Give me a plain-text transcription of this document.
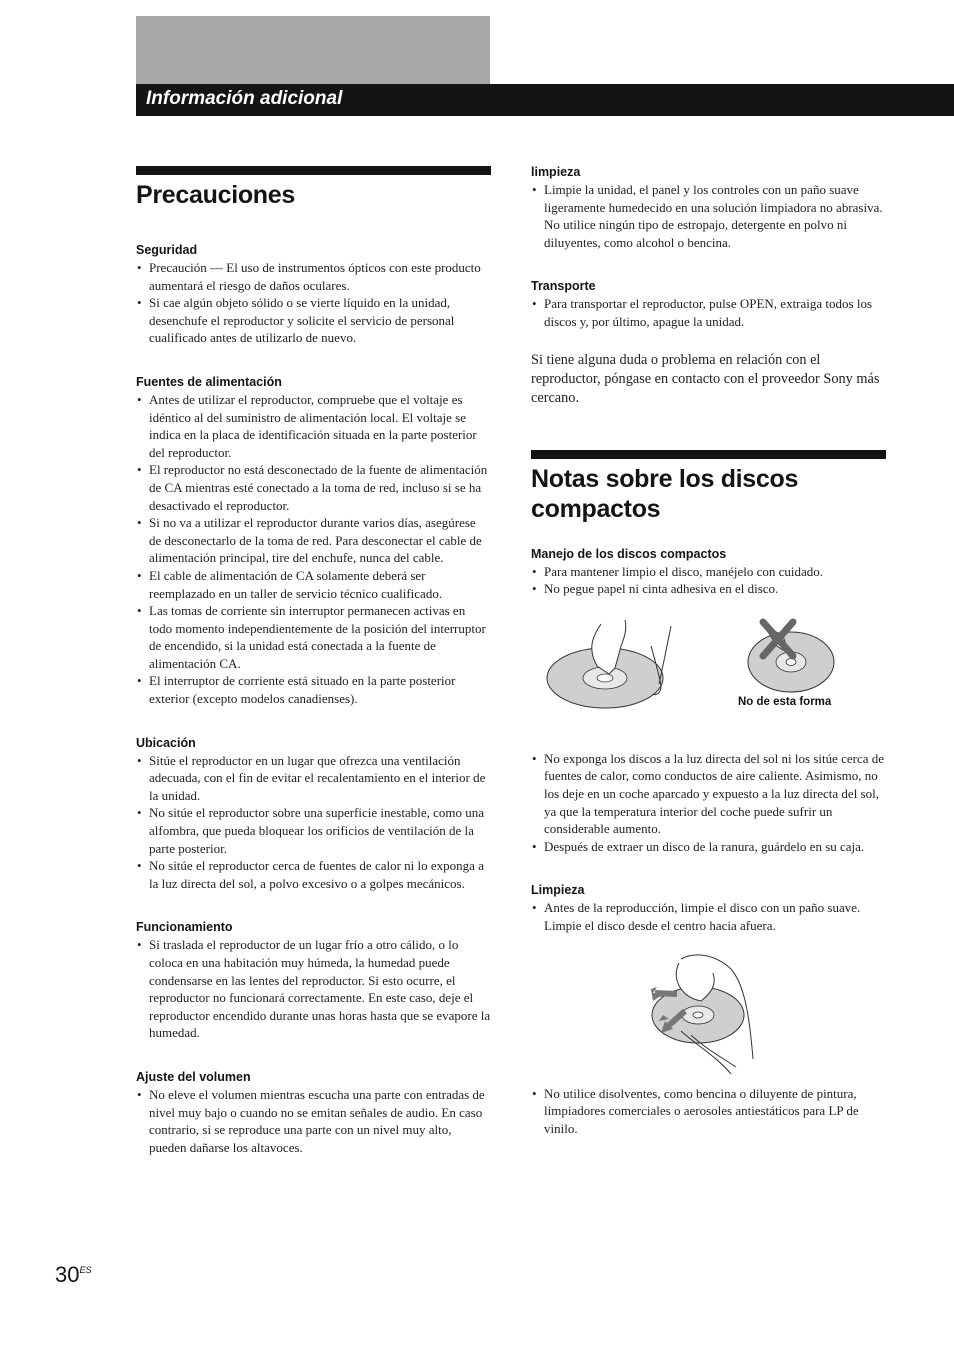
Información adicional
Precauciones
Seguridad
• Precaución — El uso de instrumentos ópticos con este producto aumentará el riesgo de daños oculares.
• Si cae algún objeto sólido o se vierte líquido en la unidad, desenchufe el reproductor y solicite el servicio de personal cualificado antes de utilizarlo de nuevo.
Fuentes de alimentación
• Antes de utilizar el reproductor, compruebe que el voltaje es idéntico al del suministro de alimentación local. El voltaje se indica en la placa de identificación situada en la parte posterior del reproductor.
• El reproductor no está desconectado de la fuente de alimentación de CA mientras esté conectado a la toma de red, incluso si se ha desactivado el reproductor.
• Si no va a utilizar el reproductor durante varios días, asegúrese de desconectarlo de la toma de red. Para desconectar el cable de alimentación principal, tire del enchufe, nunca del cable.
• El cable de alimentación de CA solamente deberá ser reemplazado en un taller de servicio técnico cualificado.
• Las tomas de corriente sin interruptor permanecen activas en todo momento independientemente de la posición del interruptor de encendido, si la unidad está conectada a la fuente de alimentación CA.
• El interruptor de corriente está situado en la parte posterior exterior (excepto modelos canadienses).
Ubicación
• Sitúe el reproductor en un lugar que ofrezca una ventilación adecuada, con el fin de evitar el recalentamiento en el interior de la unidad.
• No sitúe el reproductor sobre una superficie inestable, como una alfombra, que pueda bloquear los orificios de ventilación de la parte posterior.
• No sitúe el reproductor cerca de fuentes de calor ni lo exponga a la luz directa del sol, a polvo excesivo o a golpes mecánicos.
Funcionamiento
• Si traslada el reproductor de un lugar frío a otro cálido, o lo coloca en una habitación muy húmeda, la humedad puede condensarse en las lentes del reproductor. Si esto ocurre, el reproductor no funcionará correctamente. En este caso, deje el reproductor encendido durante unas horas hasta que se evapore la humedad.
Ajuste del volumen
• No eleve el volumen mientras escucha una parte con entradas de nivel muy bajo o cuando no se emitan señales de audio. En caso contrario, si se reproduce una parte con un nivel muy alto, pueden dañarse los altavoces.
limpieza
• Limpie la unidad, el panel y los controles con un paño suave ligeramente humedecido en una solución limpiadora no abrasiva. No utilice ningún tipo de estropajo, detergente en polvo ni diluyentes, como alcohol o bencina.
Transporte
• Para transportar el reproductor, pulse OPEN, extraiga todos los discos y, por último, apague la unidad.

Si tiene alguna duda o problema en relación con el reproductor, póngase en contacto con el proveedor Sony más cercano.

Notas sobre los discos
compactos
Manejo de los discos compactos
• Para mantener limpio el disco, manéjelo con cuidado.
• No pegue papel ni cinta adhesiva en el disco.
No de esta forma
• No exponga los discos a la luz directa del sol ni los sitúe cerca de fuentes de calor, como conductos de aire caliente. Asimismo, no los deje en un coche aparcado y expuesto a la luz directa del sol, ya que la temperatura interior del coche puede sufrir un considerable aumento.
• Después de extraer un disco de la ranura, guárdelo en su caja.
Limpieza
• Antes de la reproducción, limpie el disco con un paño suave. Limpie el disco desde el centro hacia afuera.
• No utilice disolventes, como bencina o diluyente de pintura, limpiadores comerciales o aerosoles antiestáticos para LP de vinilo.
$30^{ES}$
